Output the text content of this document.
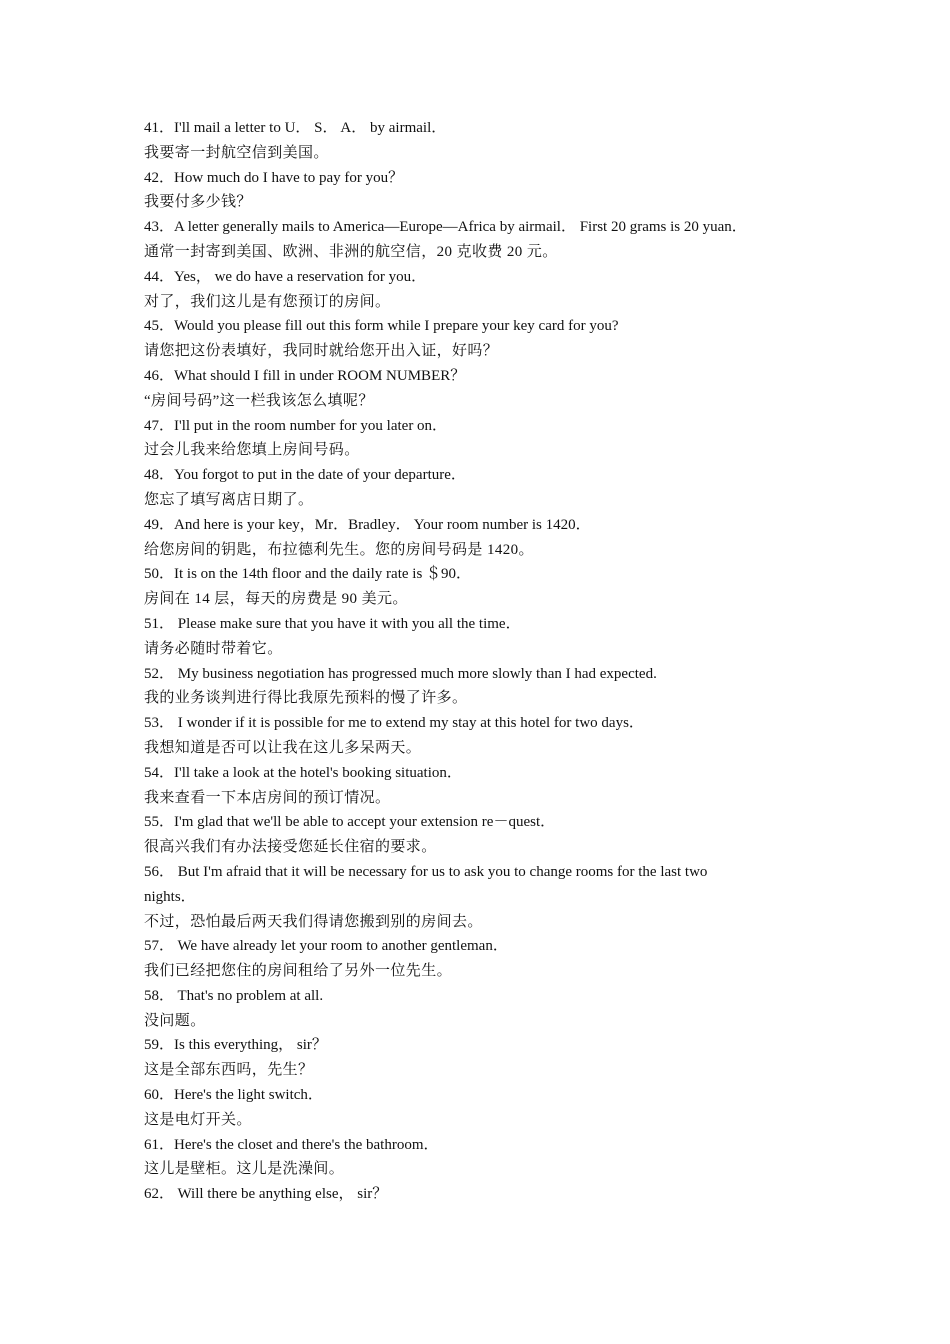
41．I'll mail a letter to U． S． A． by airmail．
我要寄一封航空信到美国。
42．How much do I have to pay for you？
我要付多少钱？
43．A letter generally mails to America—Europe—Africa by airmail． First 20 grams is 20 yuan．
通常一封寄到美国、欧洲、非洲的航空信，20 克收费 20 元。
44．Yes， we do have a reservation for you．
对了，我们这儿是有您预订的房间。
45．Would you please fill out this form while I prepare your key card for you?
请您把这份表填好，我同时就给您开出入证，好吗？
46．What should I fill in under ROOM NUMBER？
“房间号码”这一栏我该怎么填呢？
47．I'll put in the room number for you later on．
过会儿我来给您填上房间号码。
48．You forgot to put in the date of your departure．
您忘了填写离店日期了。
49．And here is your key，Mr．Bradley． Your room number is 1420．
给您房间的钥匙，布拉德利先生。您的房间号码是 1420。
50．It is on the 14th floor and the daily rate is ＄90．
房间在 14 层，每天的房费是 90 美元。
51． Please make sure that you have it with you all the time．
请务必随时带着它。
52． My business negotiation has progressed much more slowly than I had expected.
我的业务谈判进行得比我原先预料的慢了许多。
53． I wonder if it is possible for me to extend my stay at this hotel for two days．
我想知道是否可以让我在这儿多呆两天。
54．I'll take a look at the hotel's booking situation．
我来查看一下本店房间的预订情况。
55．I'm glad that we'll be able to accept your extension re－quest．
很高兴我们有办法接受您延长住宿的要求。
56． But I'm afraid that it will be necessary for us to ask you to change rooms for the last two
nights．
不过，恐怕最后两天我们得请您搬到别的房间去。
57． We have already let your room to another gentleman．
我们已经把您住的房间租给了另外一位先生。
58． That's no problem at all.
没问题。
59．Is this everything， sir？
这是全部东西吗，先生？
60．Here's the light switch．
这是电灯开关。
61．Here's the closet and there's the bathroom．
这儿是壁柜。这儿是洗澡间。
62． Will there be anything else， sir？
